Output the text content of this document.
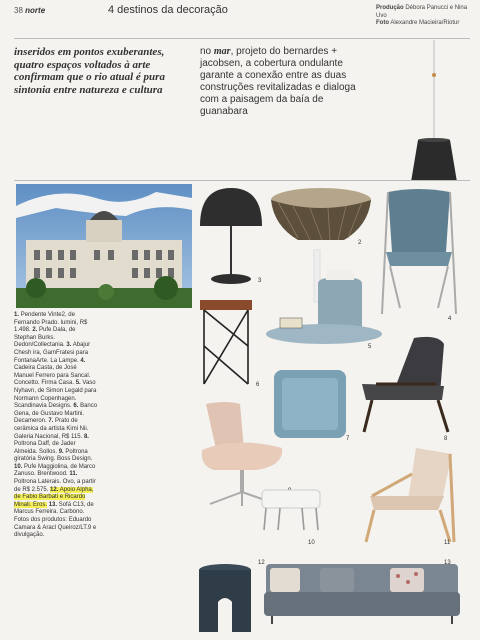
38 norte	4 destinos da decoração	Produção Débora Panucci e Nina Uvo
Foto Alexandre Macieira/Riotur
inseridos em pontos exuberantes, quatro espaços voltados à arte confirmam que o rio atual é pura sintonia entre natureza e cultura
no mar, projeto do bernardes + jacobsen, a cobertura ondulante garante a conexão entre as duas construções revitalizadas e dialoga com a paisagem da baía de guanabara
1
1. Pendente Vinte2, de Fernando Prado. lumini, R$ 1.498. 2. Pufe Dala, de Stephan Burks. Dedon/Collectania. 3. Abajur Chesh ira, GamFratesi para FontanaArte. La Lampe. 4. Cadeira Casta, de José Manuel Ferrero para Sancal. Concetto. Firma Casa. 5. Vaso Nyhavn, de Simon Legald para Normann Copenhagen. Scandinavia Designs. 6. Banco Gena, de Gustavo Martini. Decameron. 7. Prato de cerâmica da artista Kimi Nii. Galeria Nacional, R$ 115. 8. Poltrona Daff, de Jader Almeida. Sollos. 9. Poltrona giratória Swing. Boss Design. 10. Pufe Maggiolina, de Marco Zanuso. Brentwood. 11. Poltrona Laterais. Ovo, a partir de R$ 2.575. 12. Apoio Alpha, de Fabio Barbati e Ricardo Minali. Eros. 13. Sofá C13, de Marcus Ferreira. Carbono. Fotos dos produtos: Eduardo Camara & Aracl Queiroz/LT.9 e divulgação.
3
2
4
5
6
7	8
10	11
12	13
